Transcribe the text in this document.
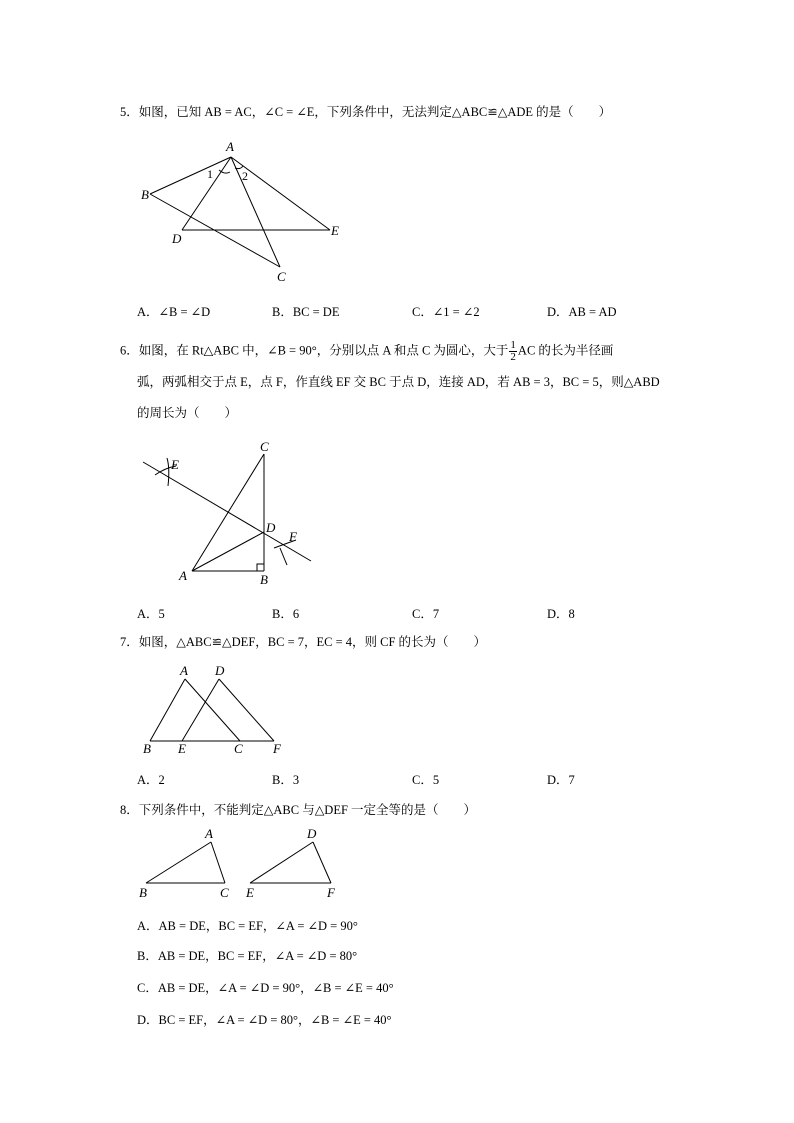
5．如图，已知 AB = AC，∠C = ∠E，下列条件中，无法判定△ABC≌△ADE 的是（　　）
A
B
C
D
E
1 2
A．∠B = ∠D	B．BC = DE	C．∠1 = ∠2	D．AB = AD
6．如图，在 Rt△ABC 中，∠B = 90°，分别以点 A 和点 C 为圆心，大于 $\frac{1}{2}$ AC 的长为半径画
弧，两弧相交于点 E，点 F，作直线 EF 交 BC 于点 D，连接 AD，若 AB = 3，BC = 5，则△ABD
的周长为（　　）
C
E
D
F
A	B
A．5	B．6	C．7	D．8
7．如图，△ABC≌△DEF，BC = 7，EC = 4，则 CF 的长为（　　）
A D
B E	C F
A．2	B．3	C．5	D．7
8．下列条件中，不能判定△ABC 与△DEF 一定全等的是（　　）
A
B	C
D
E	F
A．AB = DE，BC = EF，∠A = ∠D = 90°
B．AB = DE，BC = EF，∠A = ∠D = 80°
C．AB = DE，∠A = ∠D = 90°，∠B = ∠E = 40°
D．BC = EF，∠A = ∠D = 80°，∠B = ∠E = 40°
